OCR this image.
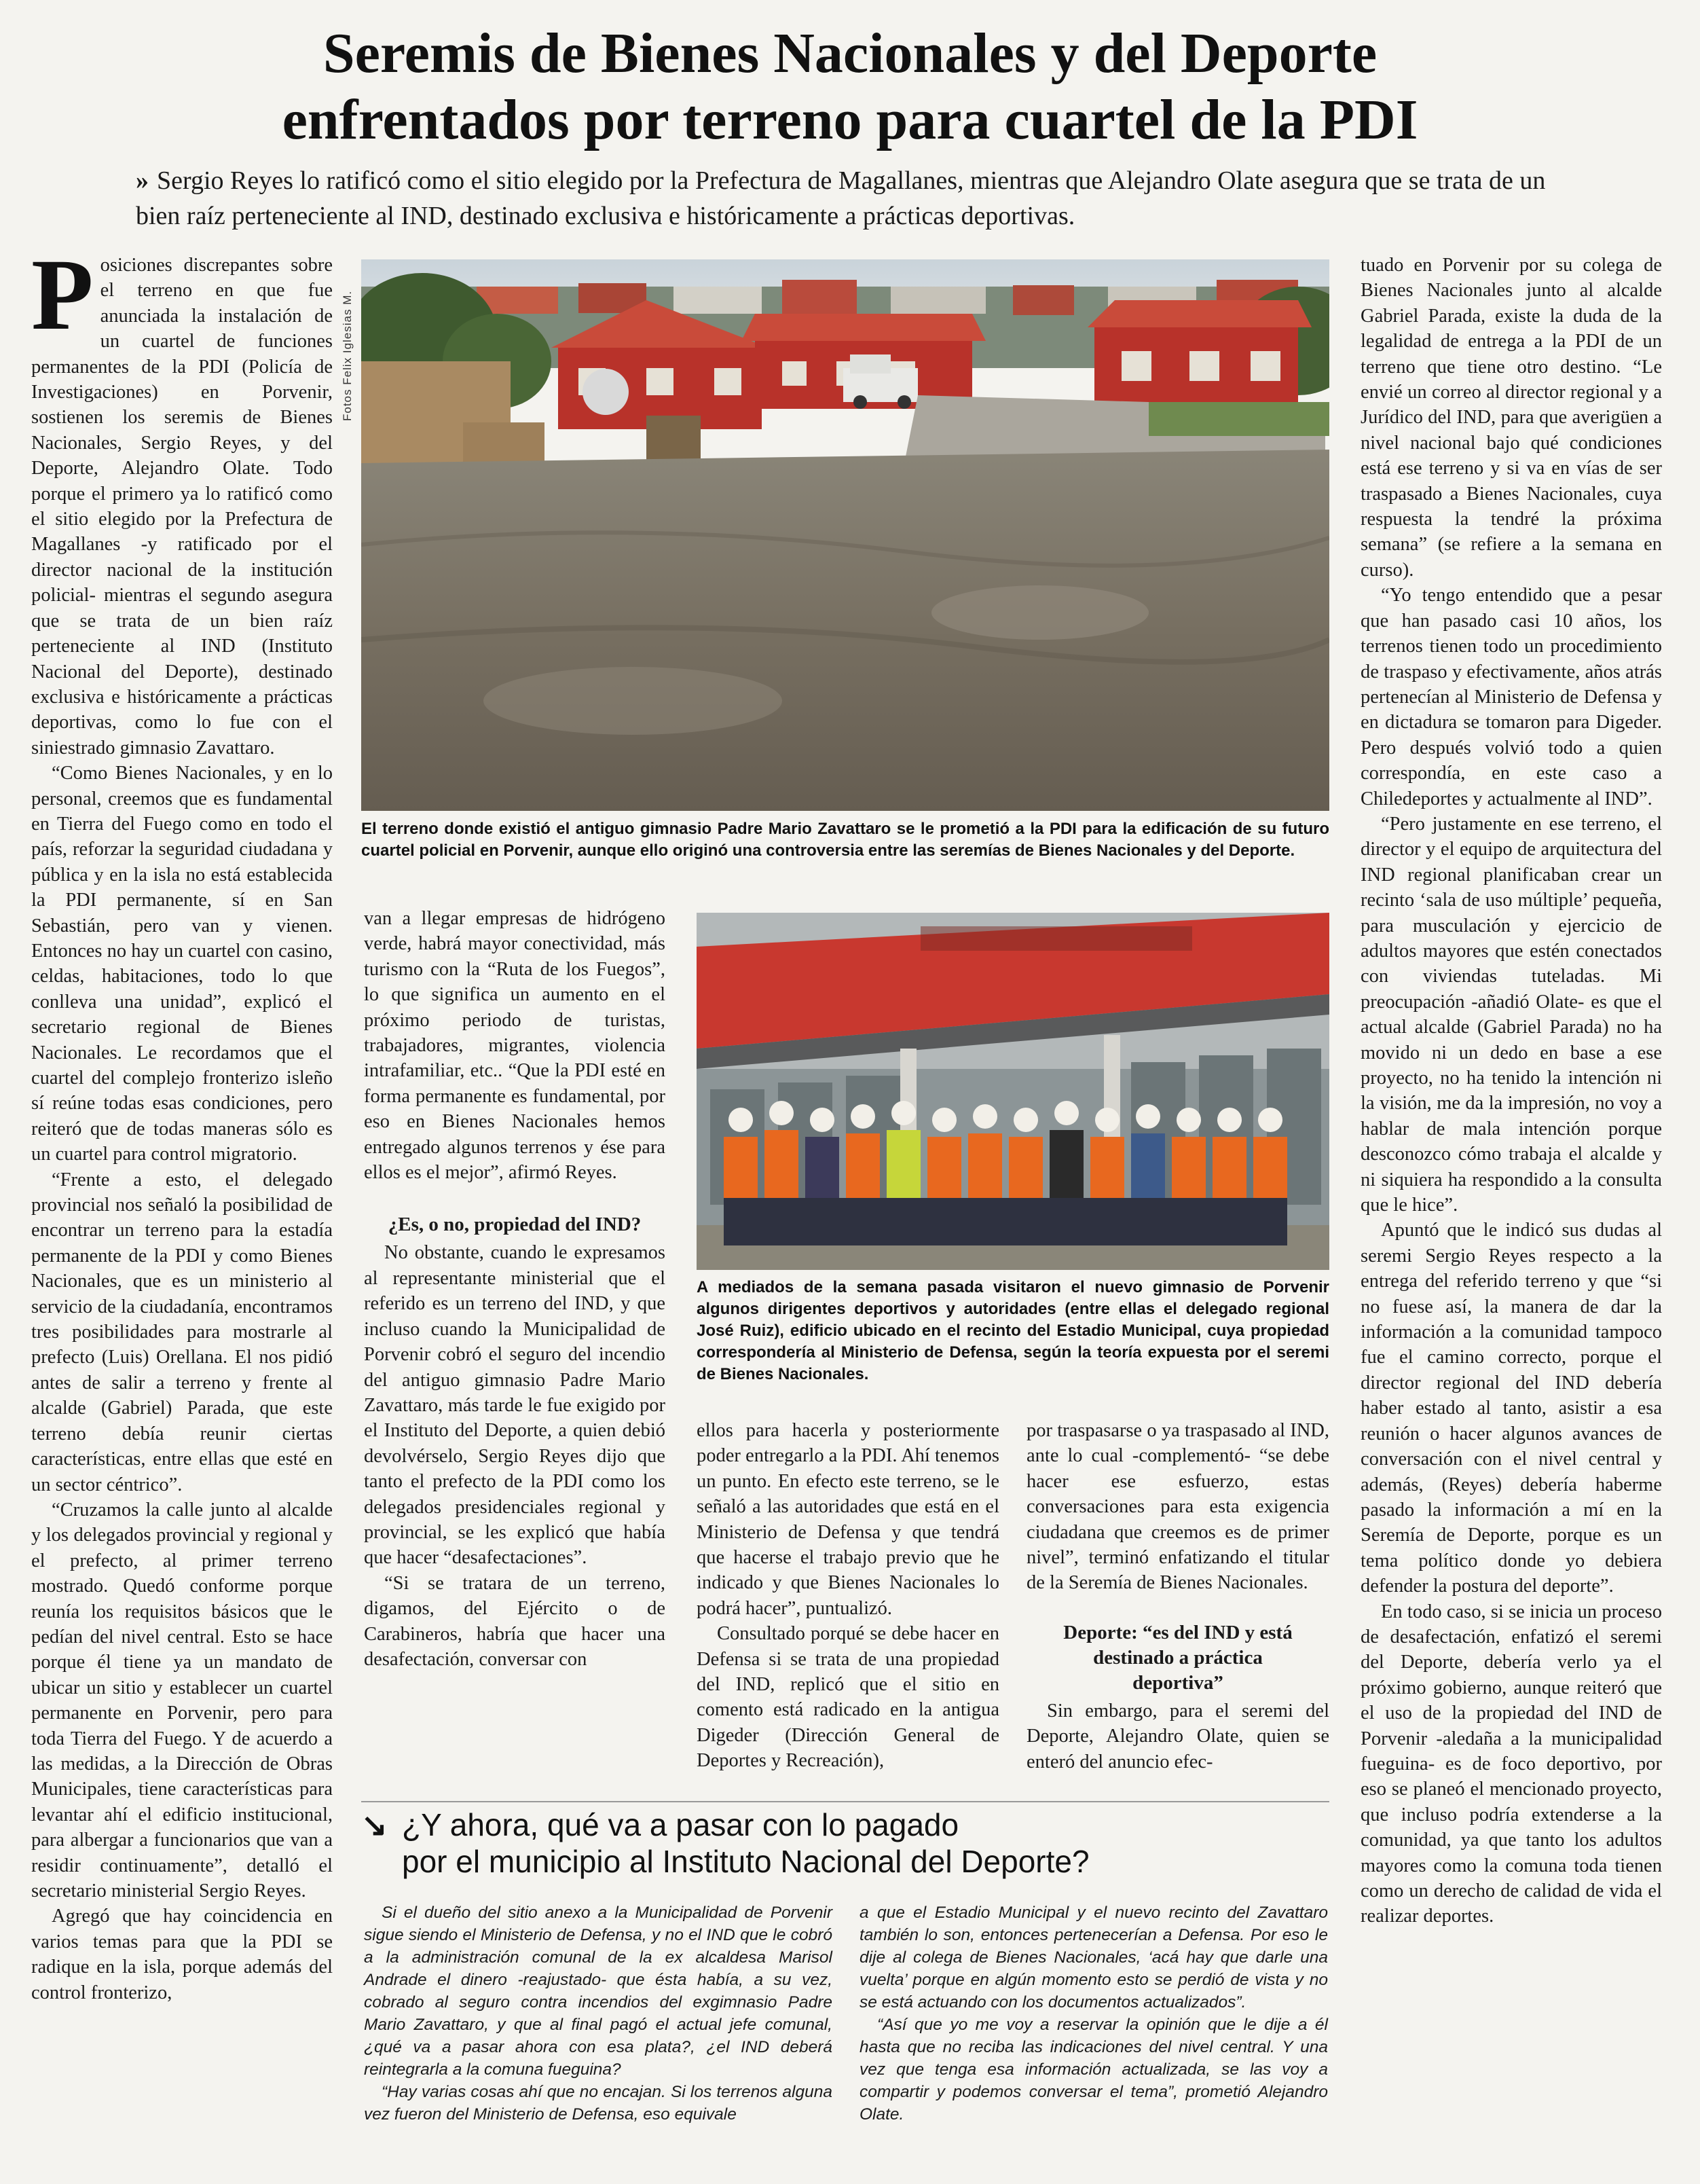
Seremis de Bienes Nacionales y del Deporte
enfrentados por terreno para cuartel de la PDI
» Sergio Reyes lo ratificó como el sitio elegido por la Prefectura de Magallanes, mientras que Alejandro Olate asegura que se trata de un bien raíz perteneciente al IND, destinado exclusiva e históricamente a prácticas deportivas.

Posiciones discrepantes sobre el terreno en que fue anunciada la instalación de un cuartel de funciones permanentes de la PDI (Policía de Investigaciones) en Porvenir, sostienen los seremis de Bienes Nacionales, Sergio Reyes, y del Deporte, Alejandro Olate. Todo porque el primero ya lo ratificó como el sitio elegido por la Prefectura de Magallanes -y ratificado por el director nacional de la institución policial- mientras el segundo asegura que se trata de un bien raíz perteneciente al IND (Instituto Nacional del Deporte), destinado exclusiva e históricamente a prácticas deportivas, como lo fue con el siniestrado gimnasio Zavattaro.

“Como Bienes Nacionales, y en lo personal, creemos que es fundamental en Tierra del Fuego como en todo el país, reforzar la seguridad ciudadana y pública y en la isla no está establecida la PDI permanente, sí en San Sebastián, pero van y vienen. Entonces no hay un cuartel con casino, celdas, habitaciones, todo lo que conlleva una unidad”, explicó el secretario regional de Bienes Nacionales. Le recordamos que el cuartel del complejo fronterizo isleño sí reúne todas esas condiciones, pero reiteró que de todas maneras sólo es un cuartel para control migratorio.

“Frente a esto, el delegado provincial nos señaló la posibilidad de encontrar un terreno para la estadía permanente de la PDI y como Bienes Nacionales, que es un ministerio al servicio de la ciudadanía, encontramos tres posibilidades para mostrarle al prefecto (Luis) Orellana. El nos pidió antes de salir a terreno y frente al alcalde (Gabriel) Parada, que este terreno debía reunir ciertas características, entre ellas que esté en un sector céntrico”.

“Cruzamos la calle junto al alcalde y los delegados provincial y regional y el prefecto, al primer terreno mostrado. Quedó conforme porque reunía los requisitos básicos que le pedían del nivel central. Esto se hace porque él tiene ya un mandato de ubicar un sitio y establecer un cuartel permanente en Porvenir, pero para toda Tierra del Fuego. Y de acuerdo a las medidas, a la Dirección de Obras Municipales, tiene características para levantar ahí el edificio institucional, para albergar a funcionarios que van a residir continuamente”, detalló el secretario ministerial Sergio Reyes.

Agregó que hay coincidencia en varios temas para que la PDI se radique en la isla, porque además del control fronterizo,

Fotos Felix Iglesias M.
El terreno donde existió el antiguo gimnasio Padre Mario Zavattaro se le prometió a la PDI para la edificación de su futuro cuartel policial en Porvenir, aunque ello originó una controversia entre las seremías de Bienes Nacionales y del Deporte.

van a llegar empresas de hidrógeno verde, habrá mayor conectividad, más turismo con la “Ruta de los Fuegos”, lo que significa un aumento en el próximo periodo de turistas, trabajadores, migrantes, violencia intrafamiliar, etc.. “Que la PDI esté en forma permanente es fundamental, por eso en Bienes Nacionales hemos entregado algunos terrenos y ése para ellos es el mejor”, afirmó Reyes.

¿Es, o no, propiedad del IND?

No obstante, cuando le expresamos al representante ministerial que el referido es un terreno del IND, y que incluso cuando la Municipalidad de Porvenir cobró el seguro del incendio del antiguo gimnasio Padre Mario Zavattaro, más tarde le fue exigido por el Instituto del Deporte, a quien debió devolvérselo, Sergio Reyes dijo que tanto el prefecto de la PDI como los delegados presidenciales regional y provincial, se les explicó que había que hacer “desafectaciones”.

“Si se tratara de un terreno, digamos, del Ejército o de Carabineros, habría que hacer una desafectación, conversar con

A mediados de la semana pasada visitaron el nuevo gimnasio de Porvenir algunos dirigentes deportivos y autoridades (entre ellas el delegado regional José Ruiz), edificio ubicado en el recinto del Estadio Municipal, cuya propiedad correspondería al Ministerio de Defensa, según la teoría expuesta por el seremi de Bienes Nacionales.

ellos para hacerla y posteriormente poder entregarlo a la PDI. Ahí tenemos un punto. En efecto este terreno, se le señaló a las autoridades que está en el Ministerio de Defensa y que tendrá que hacerse el trabajo previo que he indicado y que Bienes Nacionales lo podrá hacer”, puntualizó.

Consultado porqué se debe hacer en Defensa si se trata de una propiedad del IND, replicó que el sitio en comento está radicado en la antigua Digeder (Dirección General de Deportes y Recreación),

por traspasarse o ya traspasado al IND, ante lo cual -complementó- “se debe hacer ese esfuerzo, estas conversaciones para esta exigencia ciudadana que creemos es de primer nivel”, terminó enfatizando el titular de la Seremía de Bienes Nacionales.

Deporte: “es del IND y está destinado a práctica deportiva”

Sin embargo, para el seremi del Deporte, Alejandro Olate, quien se enteró del anuncio efec-

tuado en Porvenir por su colega de Bienes Nacionales junto al alcalde Gabriel Parada, existe la duda de la legalidad de entrega a la PDI de un terreno que tiene otro destino. “Le envié un correo al director regional y a Jurídico del IND, para que averigüen a nivel nacional bajo qué condiciones está ese terreno y si va en vías de ser traspasado a Bienes Nacionales, cuya respuesta la tendré la próxima semana” (se refiere a la semana en curso).

“Yo tengo entendido que a pesar que han pasado casi 10 años, los terrenos tienen todo un procedimiento de traspaso y efectivamente, años atrás pertenecían al Ministerio de Defensa y en dictadura se tomaron para Digeder. Pero después volvió todo a quien correspondía, en este caso a Chiledeportes y actualmente al IND”.

“Pero justamente en ese terreno, el director y el equipo de arquitectura del IND regional planificaban crear un recinto ‘sala de uso múltiple’ pequeña, para musculación y ejercicio de adultos mayores que estén conectados con viviendas tuteladas. Mi preocupación -añadió Olate- es que el actual alcalde (Gabriel Parada) no ha movido ni un dedo en base a ese proyecto, no ha tenido la intención ni la visión, me da la impresión, no voy a hablar de mala intención porque desconozco cómo trabaja el alcalde y ni siquiera ha respondido a la consulta que le hice”.

Apuntó que le indicó sus dudas al seremi Sergio Reyes respecto a la entrega del referido terreno y que “si no fuese así, la manera de dar la información a la comunidad tampoco fue el camino correcto, porque el director regional del IND debería haber estado al tanto, asistir a esa reunión o hacer algunos avances de conversación con el nivel central y además, (Reyes) debería haberme pasado la información a mí en la Seremía de Deporte, porque es un tema político donde yo debiera defender la postura del deporte”.

En todo caso, si se inicia un proceso de desafectación, enfatizó el seremi del Deporte, debería verlo ya el próximo gobierno, aunque reiteró que el uso de la propiedad del IND de Porvenir -aledaña a la municipalidad fueguina- es de foco deportivo, por eso se planeó el mencionado proyecto, que incluso podría extenderse a la comunidad, ya que tanto los adultos mayores como la comuna toda tienen como un derecho de calidad de vida el realizar deportes.

↘ ¿Y ahora, qué va a pasar con lo pagado
por el municipio al Instituto Nacional del Deporte?

Si el dueño del sitio anexo a la Municipalidad de Porvenir sigue siendo el Ministerio de Defensa, y no el IND que le cobró a la administración comunal de la ex alcaldesa Marisol Andrade el dinero -reajustado- que ésta había, a su vez, cobrado al seguro contra incendios del exgimnasio Padre Mario Zavattaro, y que al final pagó el actual jefe comunal, ¿qué va a pasar ahora con esa plata?, ¿el IND deberá reintegrarla a la comuna fueguina?

“Hay varias cosas ahí que no encajan. Si los terrenos alguna vez fueron del Ministerio de Defensa, eso equivale

a que el Estadio Municipal y el nuevo recinto del Zavattaro también lo son, entonces pertenecerían a Defensa. Por eso le dije al colega de Bienes Nacionales, ‘acá hay que darle una vuelta’ porque en algún momento esto se perdió de vista y no se está actuando con los documentos actualizados”.

“Así que yo me voy a reservar la opinión que le dije a él hasta que no reciba las indicaciones del nivel central. Y una vez que tenga esa información actualizada, se las voy a compartir y podemos conversar el tema”, prometió Alejandro Olate.
